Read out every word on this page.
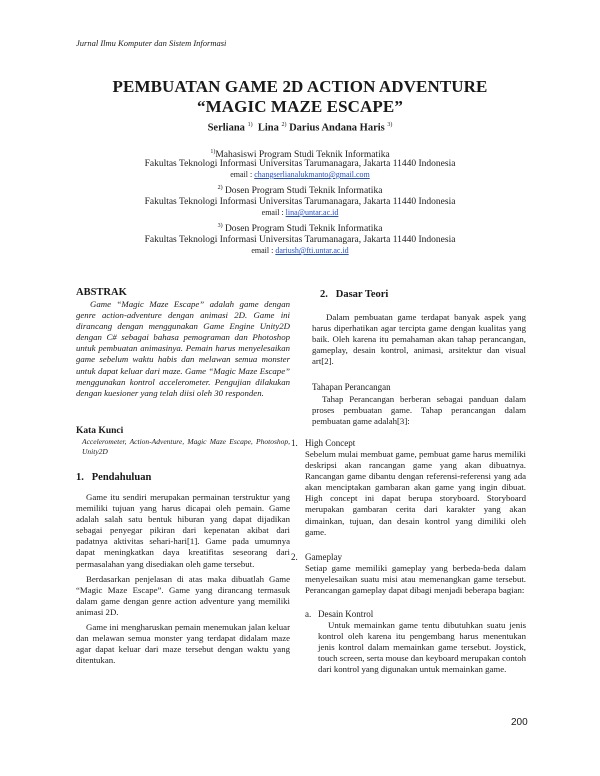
Jurnal Ilmu Komputer dan Sistem Informasi
PEMBUATAN GAME 2D ACTION ADVENTURE
“MAGIC MAZE ESCAPE”
Serliana $^{1)}$ Lina $^{2)}$ Darius Andana Haris $^{3)}$
$^{1)}$Mahasiswi Program Studi Teknik Informatika
Fakultas Teknologi Informasi Universitas Tarumanagara, Jakarta 11440 Indonesia
email : changserlianalukmanto@gmail.com
$^{2)}$ Dosen Program Studi Teknik Informatika
Fakultas Teknologi Informasi Universitas Tarumanagara, Jakarta 11440 Indonesia
email : lina@untar.ac.id
$^{3)}$ Dosen Program Studi Teknik Informatika
Fakultas Teknologi Informasi Universitas Tarumanagara, Jakarta 11440 Indonesia
email : dariush@fti.untar.ac.id
ABSTRAK
Game “Magic Maze Escape” adalah game dengan genre action-adventure dengan animasi 2D. Game ini dirancang dengan menggunakan Game Engine Unity2D dengan C# sebagai bahasa pemograman dan Photoshop untuk pembuatan animasinya. Pemain harus menyelesaikan game sebelum waktu habis dan melawan semua monster untuk dapat keluar dari maze. Game “Magic Maze Escape” menggunakan kontrol accelerometer. Pengujian dilakukan dengan kuesioner yang telah diisi oleh 30 responden.
Kata Kunci
Accelerometer, Action-Adventure, Magic Maze Escape, Photoshop, Unity2D
1.   Pendahuluan

Game itu sendiri merupakan permainan terstruktur yang memiliki tujuan yang harus dicapai oleh pemain. Game adalah salah satu bentuk hiburan yang dapat dijadikan sebagai penyegar pikiran dari kepenatan akibat dari padatnya aktivitas sehari-hari[1]. Game pada umumnya dapat meningkatkan daya kreatifitas seseorang dari permasalahan yang disediakan oleh game tersebut.

Berdasarkan penjelasan di atas maka dibuatlah Game “Magic Maze Escape”. Game yang dirancang termasuk dalam game dengan genre action adventure yang memiliki animasi 2D.

Game ini mengharuskan pemain menemukan jalan keluar dan melawan semua monster yang terdapat didalam maze agar dapat keluar dari maze tersebut dengan waktu yang ditentukan.

2.   Dasar Teori

Dalam pembuatan game terdapat banyak aspek yang harus diperhatikan agar tercipta game dengan kualitas yang baik. Oleh karena itu pemahaman akan tahap perancangan, gameplay, desain kontrol, animasi, arsitektur dan visual art[2].

Tahapan Perancangan

Tahap Perancangan berberan sebagai panduan dalam proses pembuatan game. Tahap perancangan dalam pembuatan game adalah[3]:

1. High Concept
Sebelum mulai membuat game, pembuat game harus memiliki deskripsi akan rancangan game yang akan dibuatnya. Rancangan game dibantu dengan referensi-referensi yang ada akan menciptakan gambaran akan game yang ingin dibuat. High concept ini dapat berupa storyboard. Storyboard merupakan gambaran cerita dari karakter yang akan dimainkan, tujuan, dan desain kontrol yang dimiliki oleh game.
2. Gameplay
Setiap game memiliki gameplay yang berbeda-beda dalam menyelesaikan suatu misi atau memenangkan game tersebut. Perancangan gameplay dapat dibagi menjadi beberapa bagian:
a. Desain Kontrol
Untuk memainkan game tentu dibutuhkan suatu jenis kontrol oleh karena itu pengembang harus menentukan jenis kontrol dalam memainkan game tersebut. Joystick, touch screen, serta mouse dan keyboard merupakan contoh dari kontrol yang digunakan untuk memainkan game.
200
